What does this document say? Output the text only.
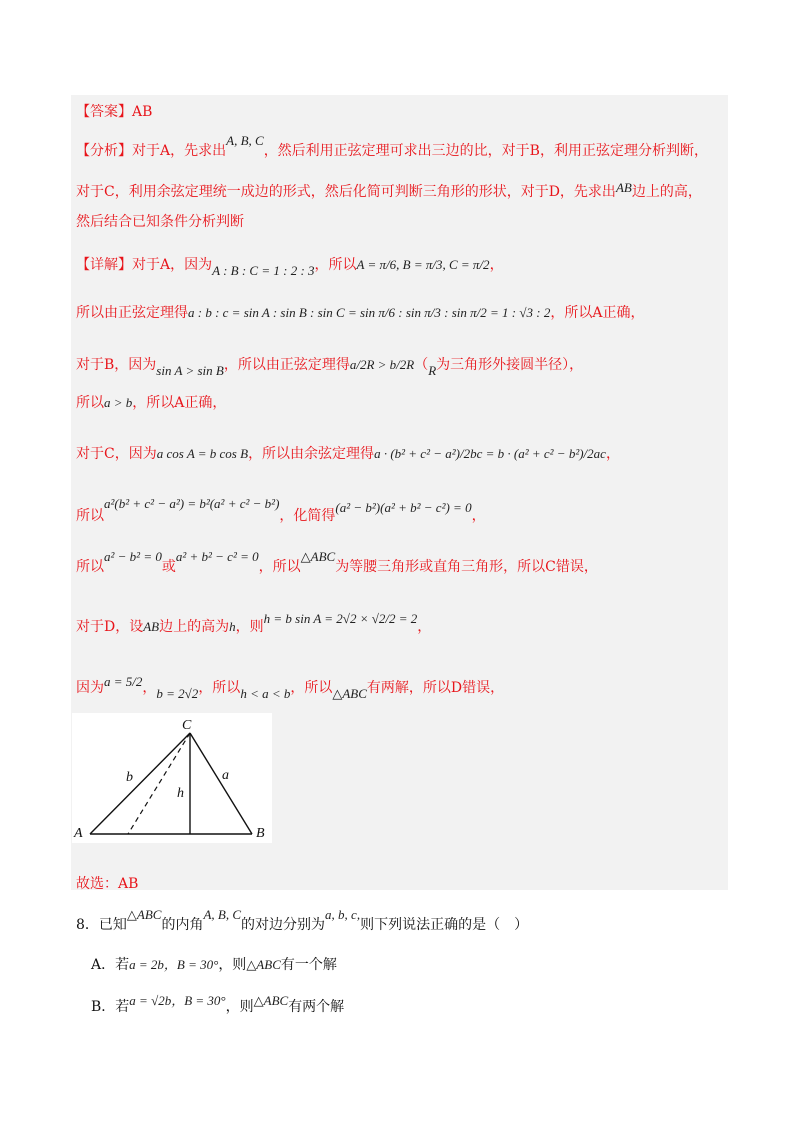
【答案】AB
【分析】对于A，先求出A, B, C，然后利用正弦定理可求出三边的比，对于B，利用正弦定理分析判断，
对于C，利用余弦定理统一成边的形式，然后化简可判断三角形的形状，对于D，先求出AB边上的高，
然后结合已知条件分析判断
【详解】对于A，因为A : B : C = 1 : 2 : 3，所以A = π/6, B = π/3, C = π/2，
所以由正弦定理得a : b : c = sin A : sin B : sin C = sin π/6 : sin π/3 : sin π/2 = 1 : √3 : 2，所以A正确，
对于B，因为sin A > sin B，所以由正弦定理得a/2R > b/2R（R为三角形外接圆半径），
所以a > b，所以A正确，
对于C，因为a cos A = b cos B，所以由余弦定理得a · (b² + c² − a²)/2bc = b · (a² + c² − b²)/2ac，
所以a²(b² + c² − a²) = b²(a² + c² − b²)，化简得(a² − b²)(a² + b² − c²) = 0，
所以a² − b² = 0或a² + b² − c² = 0，所以△ABC为等腰三角形或直角三角形，所以C错误，
对于D，设AB边上的高为h，则h = b sin A = 2√2 × √2/2 = 2，
因为a = 5/2，b = 2√2，所以h < a < b，所以△ABC有两解，所以D错误，
A	B
C
a
b
h
故选：AB
8．已知△ABC的内角A, B, C的对边分别为a, b, c,则下列说法正确的是（　）
A．若a = 2b，B = 30°，则△ABC有一个解
B．若a = √2b，B = 30°，则△ABC有两个解
